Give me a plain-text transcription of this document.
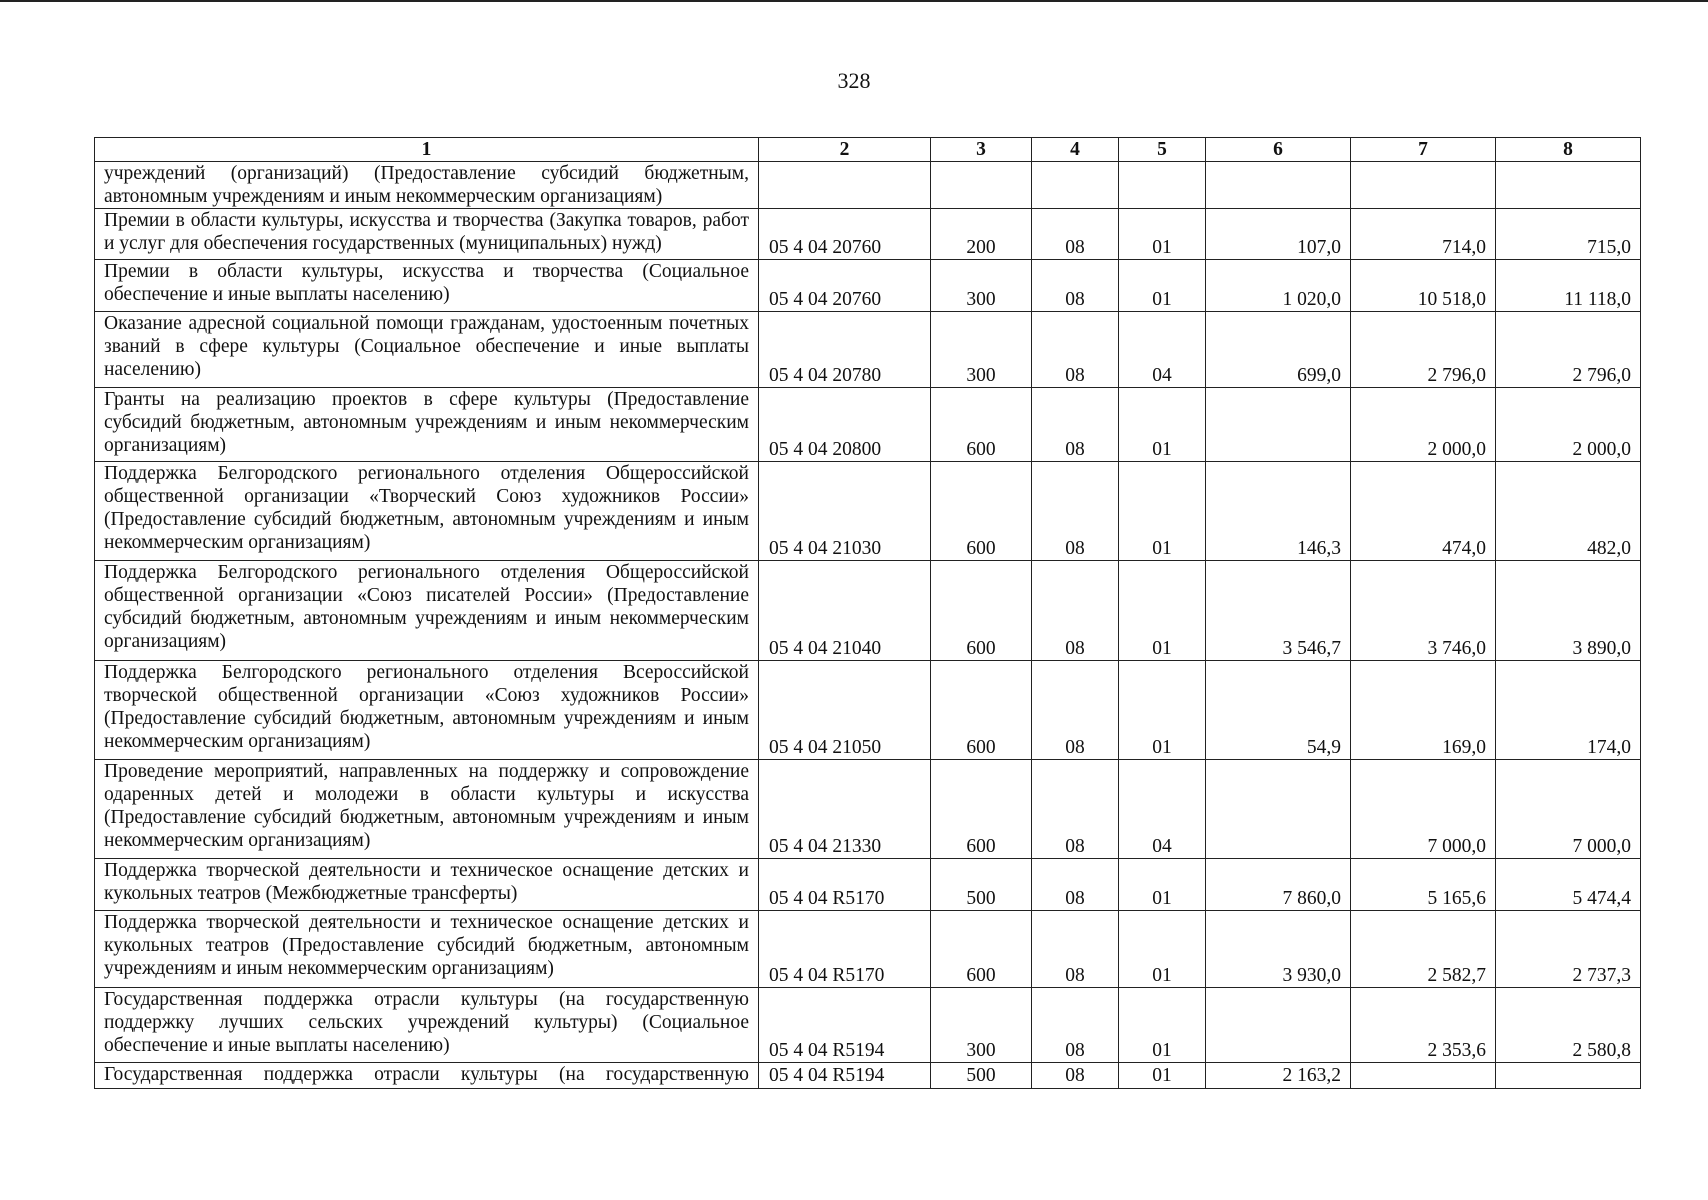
328
1	2	3	4	5	6	7	8
учреждений (организаций) (Предоставление субсидий бюджетным, автономным учреждениям и иным некоммерческим организациям)							
Премии в области культуры, искусства и творчества (Закупка товаров, работ и услуг для обеспечения государственных (муниципальных) нужд)	05 4 04 20760	200	08	01	107,0	714,0	715,0
Премии в области культуры, искусства и творчества (Социальное обеспечение и иные выплаты населению)	05 4 04 20760	300	08	01	1 020,0	10 518,0	11 118,0
Оказание адресной социальной помощи гражданам, удостоенным почетных званий в сфере культуры (Социальное обеспечение и иные выплаты населению)	05 4 04 20780	300	08	04	699,0	2 796,0	2 796,0
Гранты на реализацию проектов в сфере культуры (Предоставление субсидий бюджетным, автономным учреждениям и иным некоммерческим организациям)	05 4 04 20800	600	08	01		2 000,0	2 000,0
Поддержка Белгородского регионального отделения Общероссийской общественной организации «Творческий Союз художников России» (Предоставление субсидий бюджетным, автономным учреждениям и иным некоммерческим организациям)	05 4 04 21030	600	08	01	146,3	474,0	482,0
Поддержка Белгородского регионального отделения Общероссийской общественной организации «Союз писателей России» (Предоставление субсидий бюджетным, автономным учреждениям и иным некоммерческим организациям)	05 4 04 21040	600	08	01	3 546,7	3 746,0	3 890,0
Поддержка Белгородского регионального отделения Всероссийской творческой общественной организации «Союз художников России» (Предоставление субсидий бюджетным, автономным учреждениям и иным некоммерческим организациям)	05 4 04 21050	600	08	01	54,9	169,0	174,0
Проведение мероприятий, направленных на поддержку и сопровождение одаренных детей и молодежи в области культуры и искусства (Предоставление субсидий бюджетным, автономным учреждениям и иным некоммерческим организациям)	05 4 04 21330	600	08	04		7 000,0	7 000,0
Поддержка творческой деятельности и техническое оснащение детских и кукольных театров (Межбюджетные трансферты)	05 4 04 R5170	500	08	01	7 860,0	5 165,6	5 474,4
Поддержка творческой деятельности и техническое оснащение детских и кукольных театров (Предоставление субсидий бюджетным, автономным учреждениям и иным некоммерческим организациям)	05 4 04 R5170	600	08	01	3 930,0	2 582,7	2 737,3
Государственная поддержка отрасли культуры (на государственную поддержку лучших сельских учреждений культуры) (Социальное обеспечение и иные выплаты населению)	05 4 04 R5194	300	08	01		2 353,6	2 580,8
Государственная поддержка отрасли культуры (на государственную	05 4 04 R5194	500	08	01	2 163,2		
